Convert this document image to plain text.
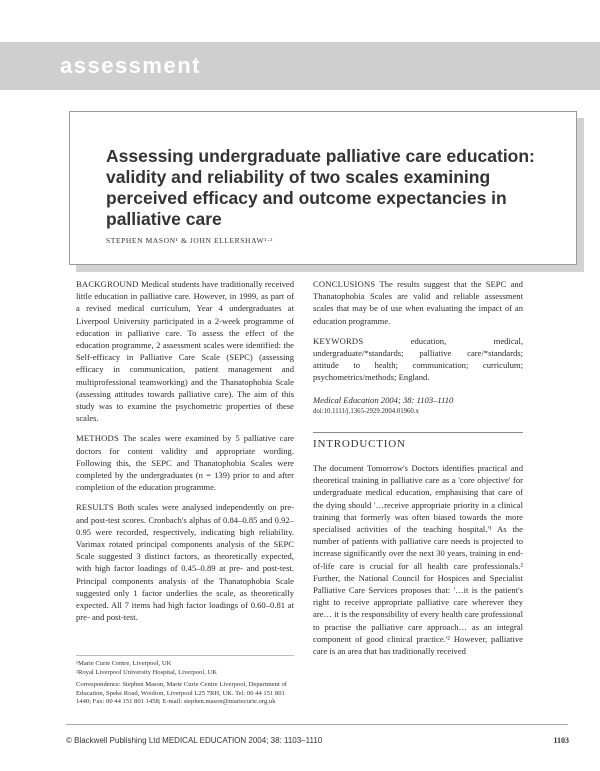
assessment
Assessing undergraduate palliative care education: validity and reliability of two scales examining perceived efficacy and outcome expectancies in palliative care
STEPHEN MASON¹ & JOHN ELLERSHAW¹·²

BACKGROUND Medical students have traditionally received little education in palliative care. However, in 1999, as part of a revised medical curriculum, Year 4 undergraduates at Liverpool University participated in a 2-week programme of education in palliative care. To assess the effect of the education programme, 2 assessment scales were identified: the Self-efficacy in Palliative Care Scale (SEPC) (assessing efficacy in communication, patient management and multiprofessional teamworking) and the Thanatophobia Scale (assessing attitudes towards palliative care). The aim of this study was to examine the psychometric properties of these scales.

METHODS The scales were examined by 5 palliative care doctors for content validity and appropriate wording. Following this, the SEPC and Thanatophobia Scales were completed by the undergraduates (n = 139) prior to and after completion of the education programme.

RESULTS Both scales were analysed independently on pre- and post-test scores. Cronbach's alphas of 0.84–0.85 and 0.92–0.95 were recorded, respectively, indicating high reliability. Varimax rotated principal components analysis of the SEPC Scale suggested 3 distinct factors, as theoretically expected, with high factor loadings of 0.45–0.89 at pre- and post-test. Principal components analysis of the Thanatophobia Scale suggested only 1 factor underlies the scale, as theoretically expected. All 7 items had high factor loadings of 0.60–0.81 at pre- and post-test.

CONCLUSIONS The results suggest that the SEPC and Thanatophobia Scales are valid and reliable assessment scales that may be of use when evaluating the impact of an education programme.

KEYWORDS	education, medical, undergraduate/*standards; palliative care/*standards; attitude to health; communication; curriculum; psychometrics/methods; England.

Medical Education 2004; 38: 1103–1110

doi:10.1111/j.1365-2929.2004.01960.x

INTRODUCTION

The document Tomorrow's Doctors identifies practical and theoretical training in palliative care as a 'core objective' for undergraduate medical education, emphasising that care of the dying should '…receive appropriate priority in a clinical training that formerly was often biased towards the more specialised activities of the teaching hospital.'¹ As the number of patients with palliative care needs is projected to increase significantly over the next 30 years, training in end-of-life care is crucial for all health care professionals.² Further, the National Council for Hospices and Specialist Palliative Care Services proposes that: '…it is the patient's right to receive appropriate palliative care wherever they are… it is the responsibility of every health care professional to practise the palliative care approach… as an integral component of good clinical practice.'² However, palliative care is an area that has traditionally received

¹Marie Curie Centre, Liverpool, UK

²Royal Liverpool University Hospital, Liverpool, UK

Correspondence: Stephen Mason, Marie Curie Centre Liverpool, Department of Education, Speke Road, Woolton, Liverpool L25 7RH, UK. Tel: 00 44 151 801 1440; Fax: 00 44 151 801 1458; E-mail: stephen.mason@mariecurie.org.uk

© Blackwell Publishing Ltd MEDICAL EDUCATION 2004; 38: 1103–1110	1103
